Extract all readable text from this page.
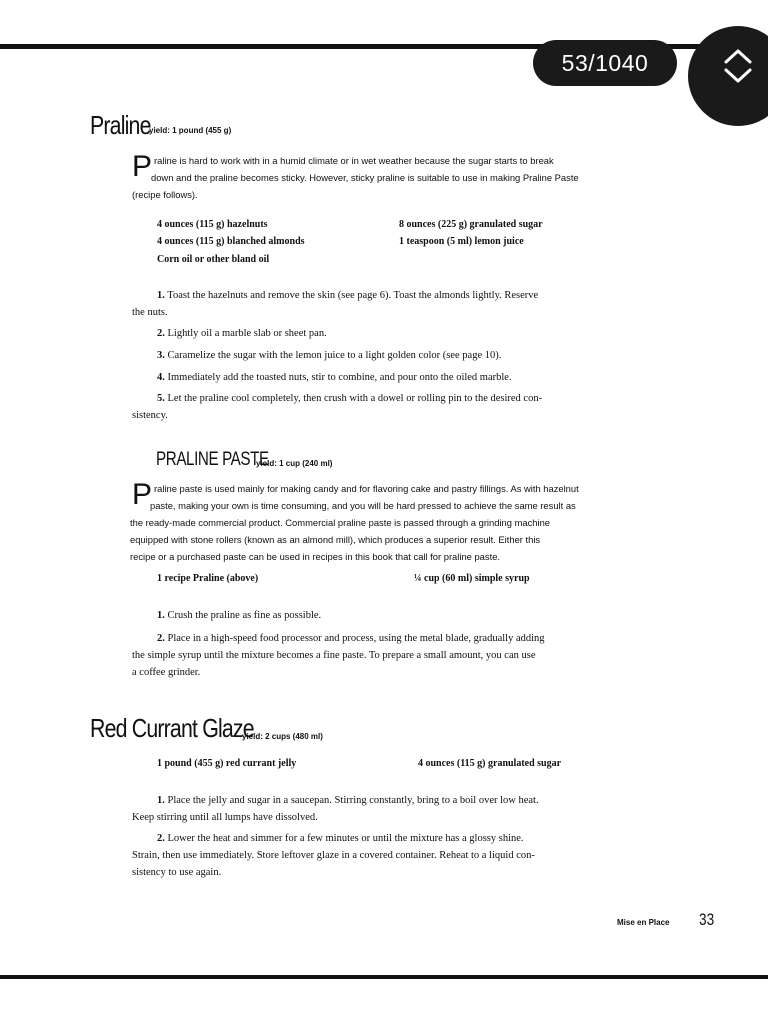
Praline
yield: 1 pound (455 g)
P raline is hard to work with in a humid climate or in wet weather because the sugar starts to break
down and the praline becomes sticky. However, sticky praline is suitable to use in making Praline Paste
(recipe follows).
4 ounces (115 g) hazelnuts
4 ounces (115 g) blanched almonds
Corn oil or other bland oil
8 ounces (225 g) granulated sugar
1 teaspoon (5 ml) lemon juice
1. Toast the hazelnuts and remove the skin (see page 6). Toast the almonds lightly. Reserve
the nuts.
2. Lightly oil a marble slab or sheet pan.
3. Caramelize the sugar with the lemon juice to a light golden color (see page 10).
4. Immediately add the toasted nuts, stir to combine, and pour onto the oiled marble.
5. Let the praline cool completely, then crush with a dowel or rolling pin to the desired con-
sistency.
PRALINE PASTE
yield: 1 cup (240 ml)
P raline paste is used mainly for making candy and for flavoring cake and pastry fillings. As with hazelnut
paste, making your own is time consuming, and you will be hard pressed to achieve the same result as
the ready-made commercial product. Commercial praline paste is passed through a grinding machine
equipped with stone rollers (known as an almond mill), which produces a superior result. Either this
recipe or a purchased paste can be used in recipes in this book that call for praline paste.
1 recipe Praline (above)	¼ cup (60 ml) simple syrup
1. Crush the praline as fine as possible.
2. Place in a high-speed food processor and process, using the metal blade, gradually adding
the simple syrup until the mixture becomes a fine paste. To prepare a small amount, you can use
a coffee grinder.
Red Currant Glaze
yield: 2 cups (480 ml)
1 pound (455 g) red currant jelly	4 ounces (115 g) granulated sugar
1. Place the jelly and sugar in a saucepan. Stirring constantly, bring to a boil over low heat.
Keep stirring until all lumps have dissolved.
2. Lower the heat and simmer for a few minutes or until the mixture has a glossy shine.
Strain, then use immediately. Store leftover glaze in a covered container. Reheat to a liquid con-
sistency to use again.
Mise en Place 33
53/1040
